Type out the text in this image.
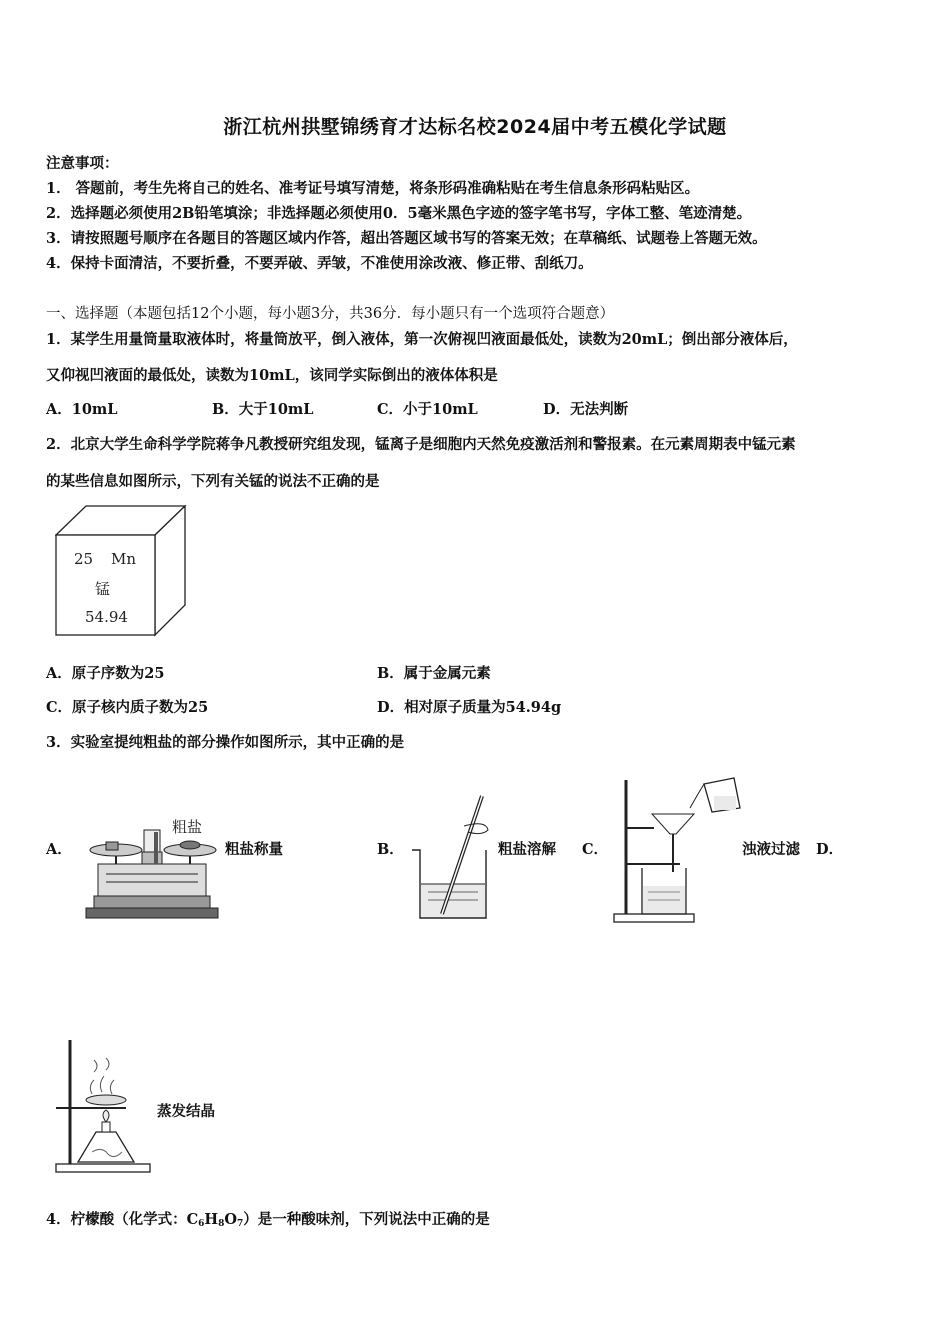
浙江杭州拱墅锦绣育才达标名校2024届中考五模化学试题
注意事项：
1． 答题前，考生先将自己的姓名、准考证号填写清楚，将条形码准确粘贴在考生信息条形码粘贴区。
2．选择题必须使用2B铅笔填涂；非选择题必须使用0．5毫米黑色字迹的签字笔书写，字体工整、笔迹清楚。
3．请按照题号顺序在各题目的答题区域内作答，超出答题区域书写的答案无效；在草稿纸、试题卷上答题无效。
4．保持卡面清洁，不要折叠，不要弄破、弄皱，不准使用涂改液、修正带、刮纸刀。
一、选择题（本题包括12个小题，每小题3分，共36分．每小题只有一个选项符合题意）
1．某学生用量筒量取液体时，将量筒放平，倒入液体，第一次俯视凹液面最低处，读数为20mL；倒出部分液体后，
又仰视凹液面的最低处，读数为10mL，该同学实际倒出的液体体积是
A．10mL	B．大于10mL	C．小于10mL	D．无法判断
2．北京大学生命科学学院蒋争凡教授研究组发现，锰离子是细胞内天然免疫激活剂和警报素。在元素周期表中锰元素
的某些信息如图所示，下列有关锰的说法不正确的是
25 Mn
锰
54.94
A．原子序数为25	B．属于金属元素
C．原子核内质子数为25	D．相对原子质量为54.94g
3．实验室提纯粗盐的部分操作如图所示，其中正确的是
A．
粗盐
粗盐称量	B．	粗盐溶解 C．	浊液过滤 D．
蒸发结晶
4．柠檬酸（化学式：$C_6H_8O_7$）是一种酸味剂，下列说法中正确的是
